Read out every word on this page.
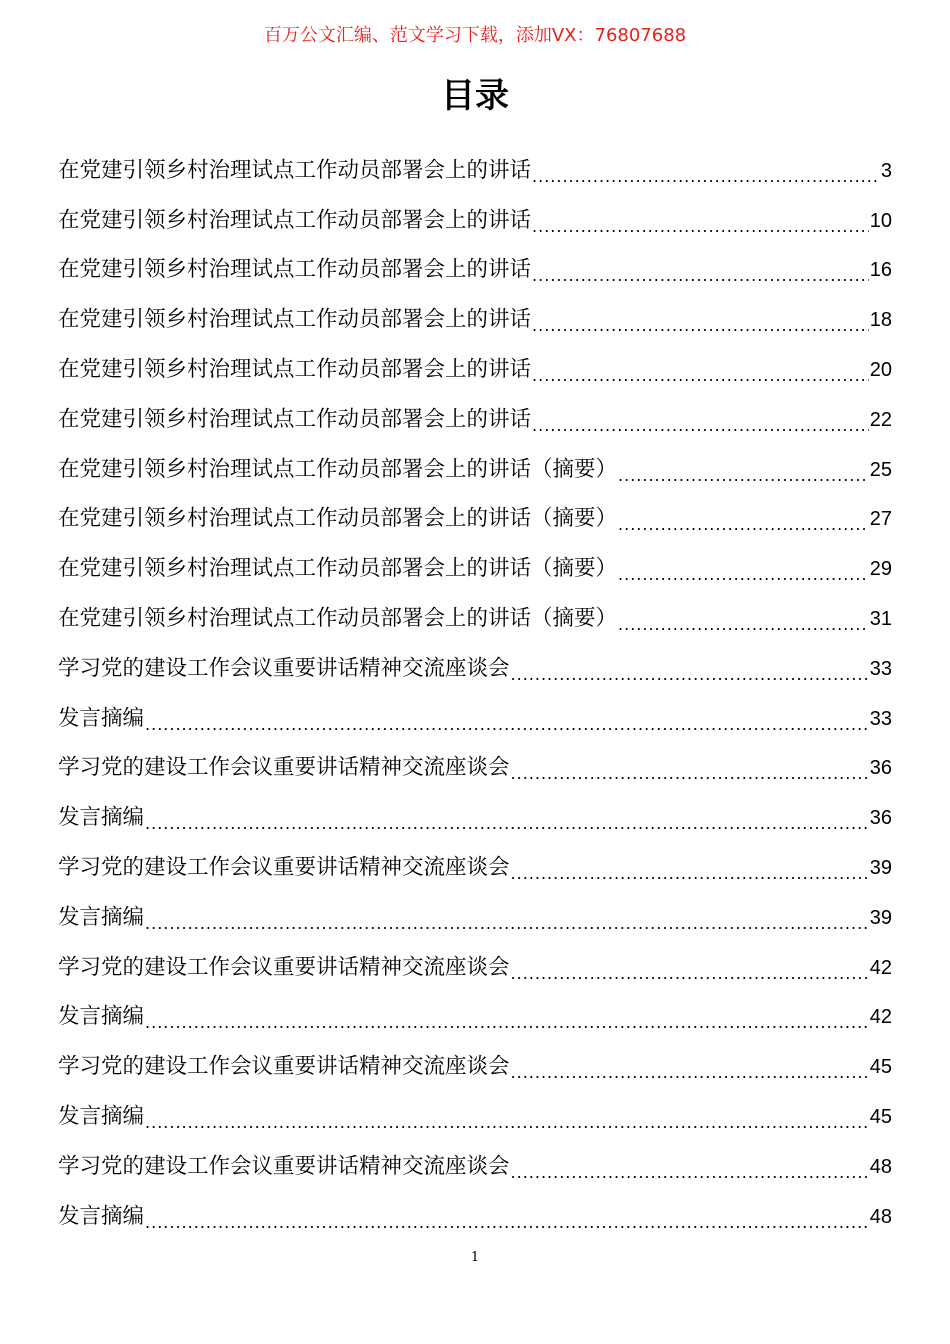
百万公文汇编、范文学习下载，添加VX：76807688
目录
在党建引领乡村治理试点工作动员部署会上的讲话 .....	3
在党建引领乡村治理试点工作动员部署会上的讲话 .....	10
在党建引领乡村治理试点工作动员部署会上的讲话 .....	16
在党建引领乡村治理试点工作动员部署会上的讲话 .....	18
在党建引领乡村治理试点工作动员部署会上的讲话 .....	20
在党建引领乡村治理试点工作动员部署会上的讲话 .....	22
在党建引领乡村治理试点工作动员部署会上的讲话（摘要） .....	25
在党建引领乡村治理试点工作动员部署会上的讲话（摘要） .....	27
在党建引领乡村治理试点工作动员部署会上的讲话（摘要） .....	29
在党建引领乡村治理试点工作动员部署会上的讲话（摘要） .....	31
学习党的建设工作会议重要讲话精神交流座谈会 .....	33
发言摘编 .....	33
学习党的建设工作会议重要讲话精神交流座谈会 .....	36
发言摘编 .....	36
学习党的建设工作会议重要讲话精神交流座谈会 .....	39
发言摘编 .....	39
学习党的建设工作会议重要讲话精神交流座谈会 .....	42
发言摘编 .....	42
学习党的建设工作会议重要讲话精神交流座谈会 .....	45
发言摘编 .....	45
学习党的建设工作会议重要讲话精神交流座谈会 .....	48
发言摘编 .....	48
1
